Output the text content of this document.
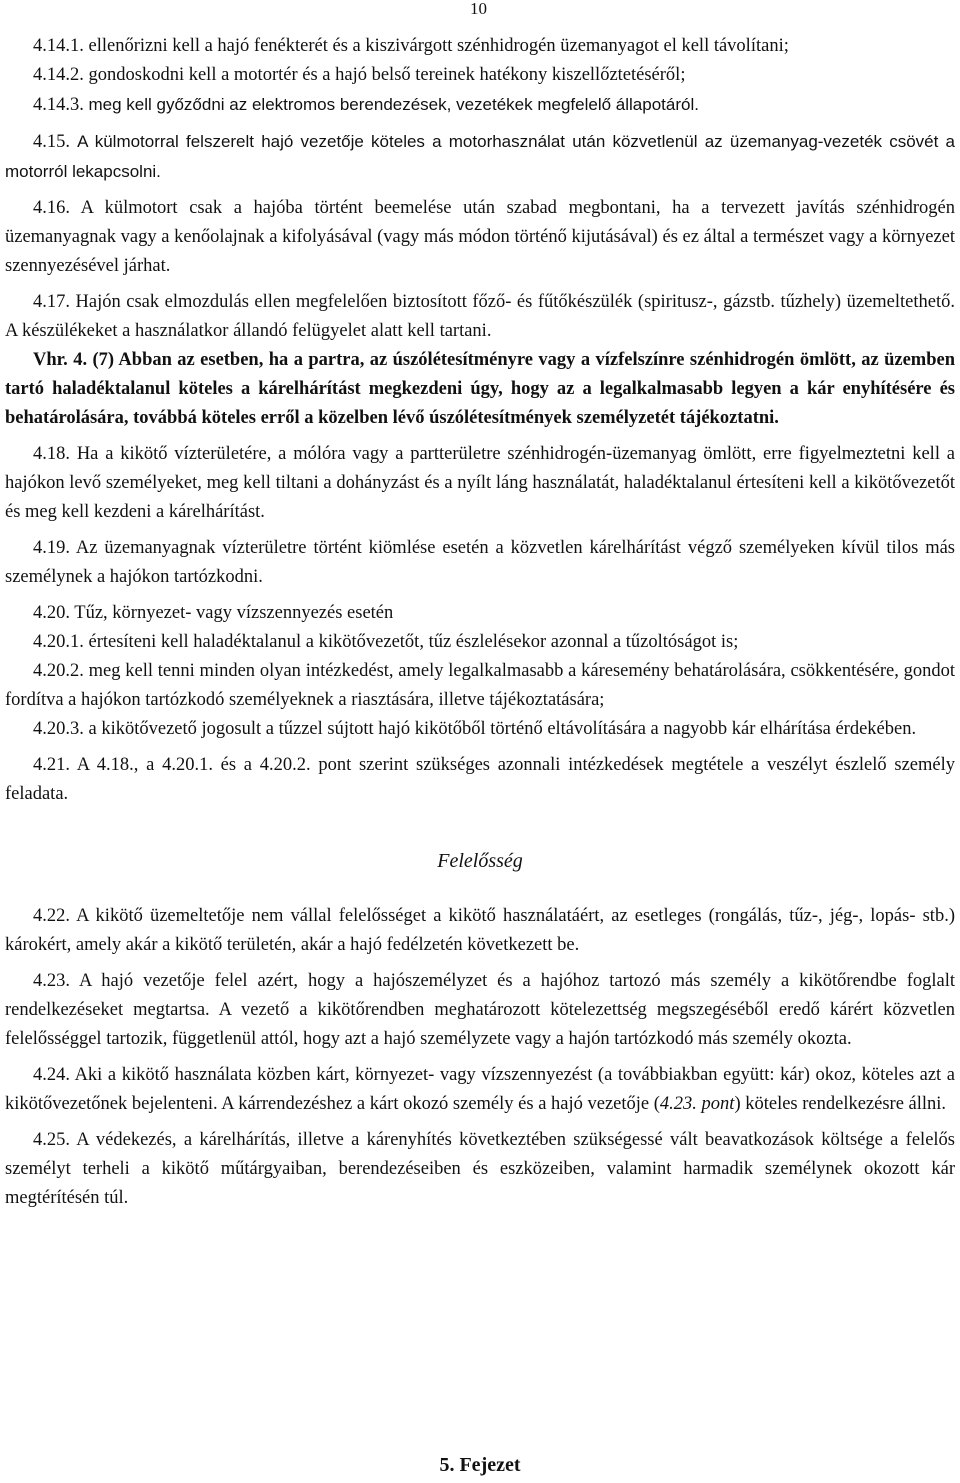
10

4.14.1. ellenőrizni kell a hajó fenékterét és a kiszivárgott szénhidrogén üzemanyagot el kell távolítani;

4.14.2. gondoskodni kell a motortér és a hajó belső tereinek hatékony kiszellőztetéséről;

4.14.3. meg kell győződni az elektromos berendezések, vezetékek megfelelő állapotáról.

4.15. A külmotorral felszerelt hajó vezetője köteles a motorhasználat után közvetlenül az üzemanyag-vezeték csövét a motorról lekapcsolni.

4.16. A külmotort csak a hajóba történt beemelése után szabad megbontani, ha a tervezett javítás szénhidrogén üzemanyagnak vagy a kenőolajnak a kifolyásával (vagy más módon történő kijutásával) és ez által a természet vagy a környezet szennyezésével járhat.

4.17. Hajón csak elmozdulás ellen megfelelően biztosított főző- és fűtőkészülék (spiritusz-, gázstb. tűzhely) üzemeltethető. A készülékeket a használatkor állandó felügyelet alatt kell tartani.

Vhr. 4. (7) Abban az esetben, ha a partra, az úszólétesítményre vagy a vízfelszínre szénhidrogén ömlött, az üzemben tartó haladéktalanul köteles a kárelhárítást megkezdeni úgy, hogy az a legalkalmasabb legyen a kár enyhítésére és behatárolására, továbbá köteles erről a közelben lévő úszólétesítmények személyzetét tájékoztatni.

4.18. Ha a kikötő vízterületére, a mólóra vagy a partterületre szénhidrogén-üzemanyag ömlött, erre figyelmeztetni kell a hajókon levő személyeket, meg kell tiltani a dohányzást és a nyílt láng használatát, haladéktalanul értesíteni kell a kikötővezetőt és meg kell kezdeni a kárelhárítást.

4.19. Az üzemanyagnak vízterületre történt kiömlése esetén a közvetlen kárelhárítást végző személyeken kívül tilos más személynek a hajókon tartózkodni.

4.20. Tűz, környezet- vagy vízszennyezés esetén

4.20.1. értesíteni kell haladéktalanul a kikötővezetőt, tűz észlelésekor azonnal a tűzoltóságot is;

4.20.2. meg kell tenni minden olyan intézkedést, amely legalkalmasabb a káresemény behatárolására, csökkentésére, gondot fordítva a hajókon tartózkodó személyeknek a riasztására, illetve tájékoztatására;

4.20.3. a kikötővezető jogosult a tűzzel sújtott hajó kikötőből történő eltávolítására a nagyobb kár elhárítása érdekében.

4.21. A 4.18., a 4.20.1. és a 4.20.2. pont szerint szükséges azonnali intézkedések megtétele a veszélyt észlelő személy feladata.

Felelősség

4.22. A kikötő üzemeltetője nem vállal felelősséget a kikötő használatáért, az esetleges (rongálás, tűz-, jég-, lopás- stb.) károkért, amely akár a kikötő területén, akár a hajó fedélzetén következett be.

4.23. A hajó vezetője felel azért, hogy a hajószemélyzet és a hajóhoz tartozó más személy a kikötőrendbe foglalt rendelkezéseket megtartsa. A vezető a kikötőrendben meghatározott kötelezettség megszegéséből eredő kárért közvetlen felelősséggel tartozik, függetlenül attól, hogy azt a hajó személyzete vagy a hajón tartózkodó más személy okozta.

4.24. Aki a kikötő használata közben kárt, környezet- vagy vízszennyezést (a továbbiakban együtt: kár) okoz, köteles azt a kikötővezetőnek bejelenteni. A kárrendezéshez a kárt okozó személy és a hajó vezetője (4.23. pont) köteles rendelkezésre állni.

4.25. A védekezés, a kárelhárítás, illetve a kárenyhítés következtében szükségessé vált beavatkozások költsége a felelős személyt terheli a kikötő műtárgyaiban, berendezéseiben és eszközeiben, valamint harmadik személynek okozott kár megtérítésén túl.

5. Fejezet
